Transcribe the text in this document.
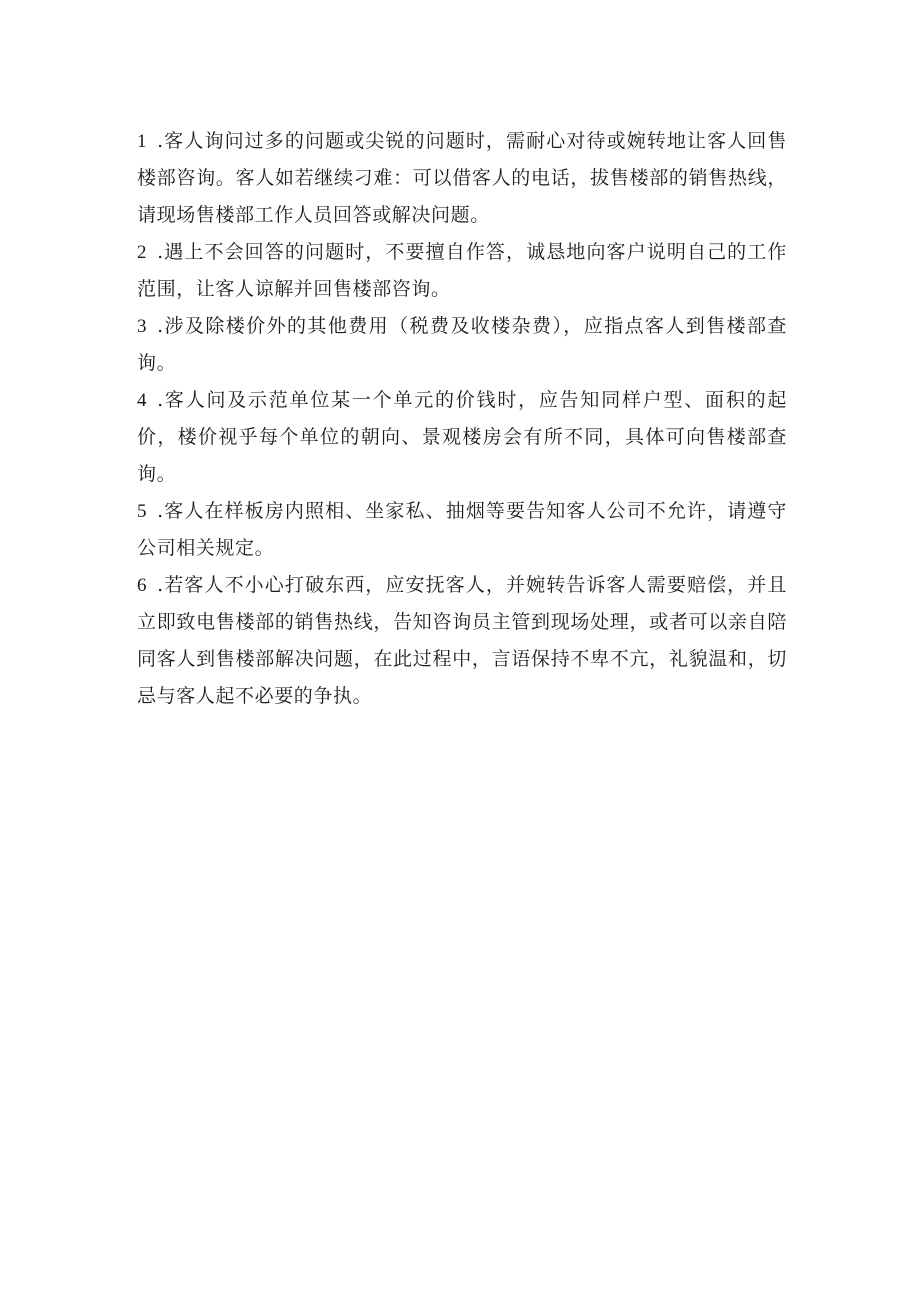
1 .客人询问过多的问题或尖锐的问题时，需耐心对待或婉转地让客人回售楼部咨询。客人如若继续刁难：可以借客人的电话，拔售楼部的销售热线，请现场售楼部工作人员回答或解决问题。

2 .遇上不会回答的问题时，不要擅自作答，诚恳地向客户说明自己的工作范围，让客人谅解并回售楼部咨询。

3 .涉及除楼价外的其他费用（税费及收楼杂费），应指点客人到售楼部查询。

4 .客人问及示范单位某一个单元的价钱时，应告知同样户型、面积的起价，楼价视乎每个单位的朝向、景观楼房会有所不同，具体可向售楼部查询。

5 .客人在样板房内照相、坐家私、抽烟等要告知客人公司不允许，请遵守公司相关规定。

6 .若客人不小心打破东西，应安抚客人，并婉转告诉客人需要赔偿，并且立即致电售楼部的销售热线，告知咨询员主管到现场处理，或者可以亲自陪同客人到售楼部解决问题，在此过程中，言语保持不卑不亢，礼貌温和，切忌与客人起不必要的争执。
